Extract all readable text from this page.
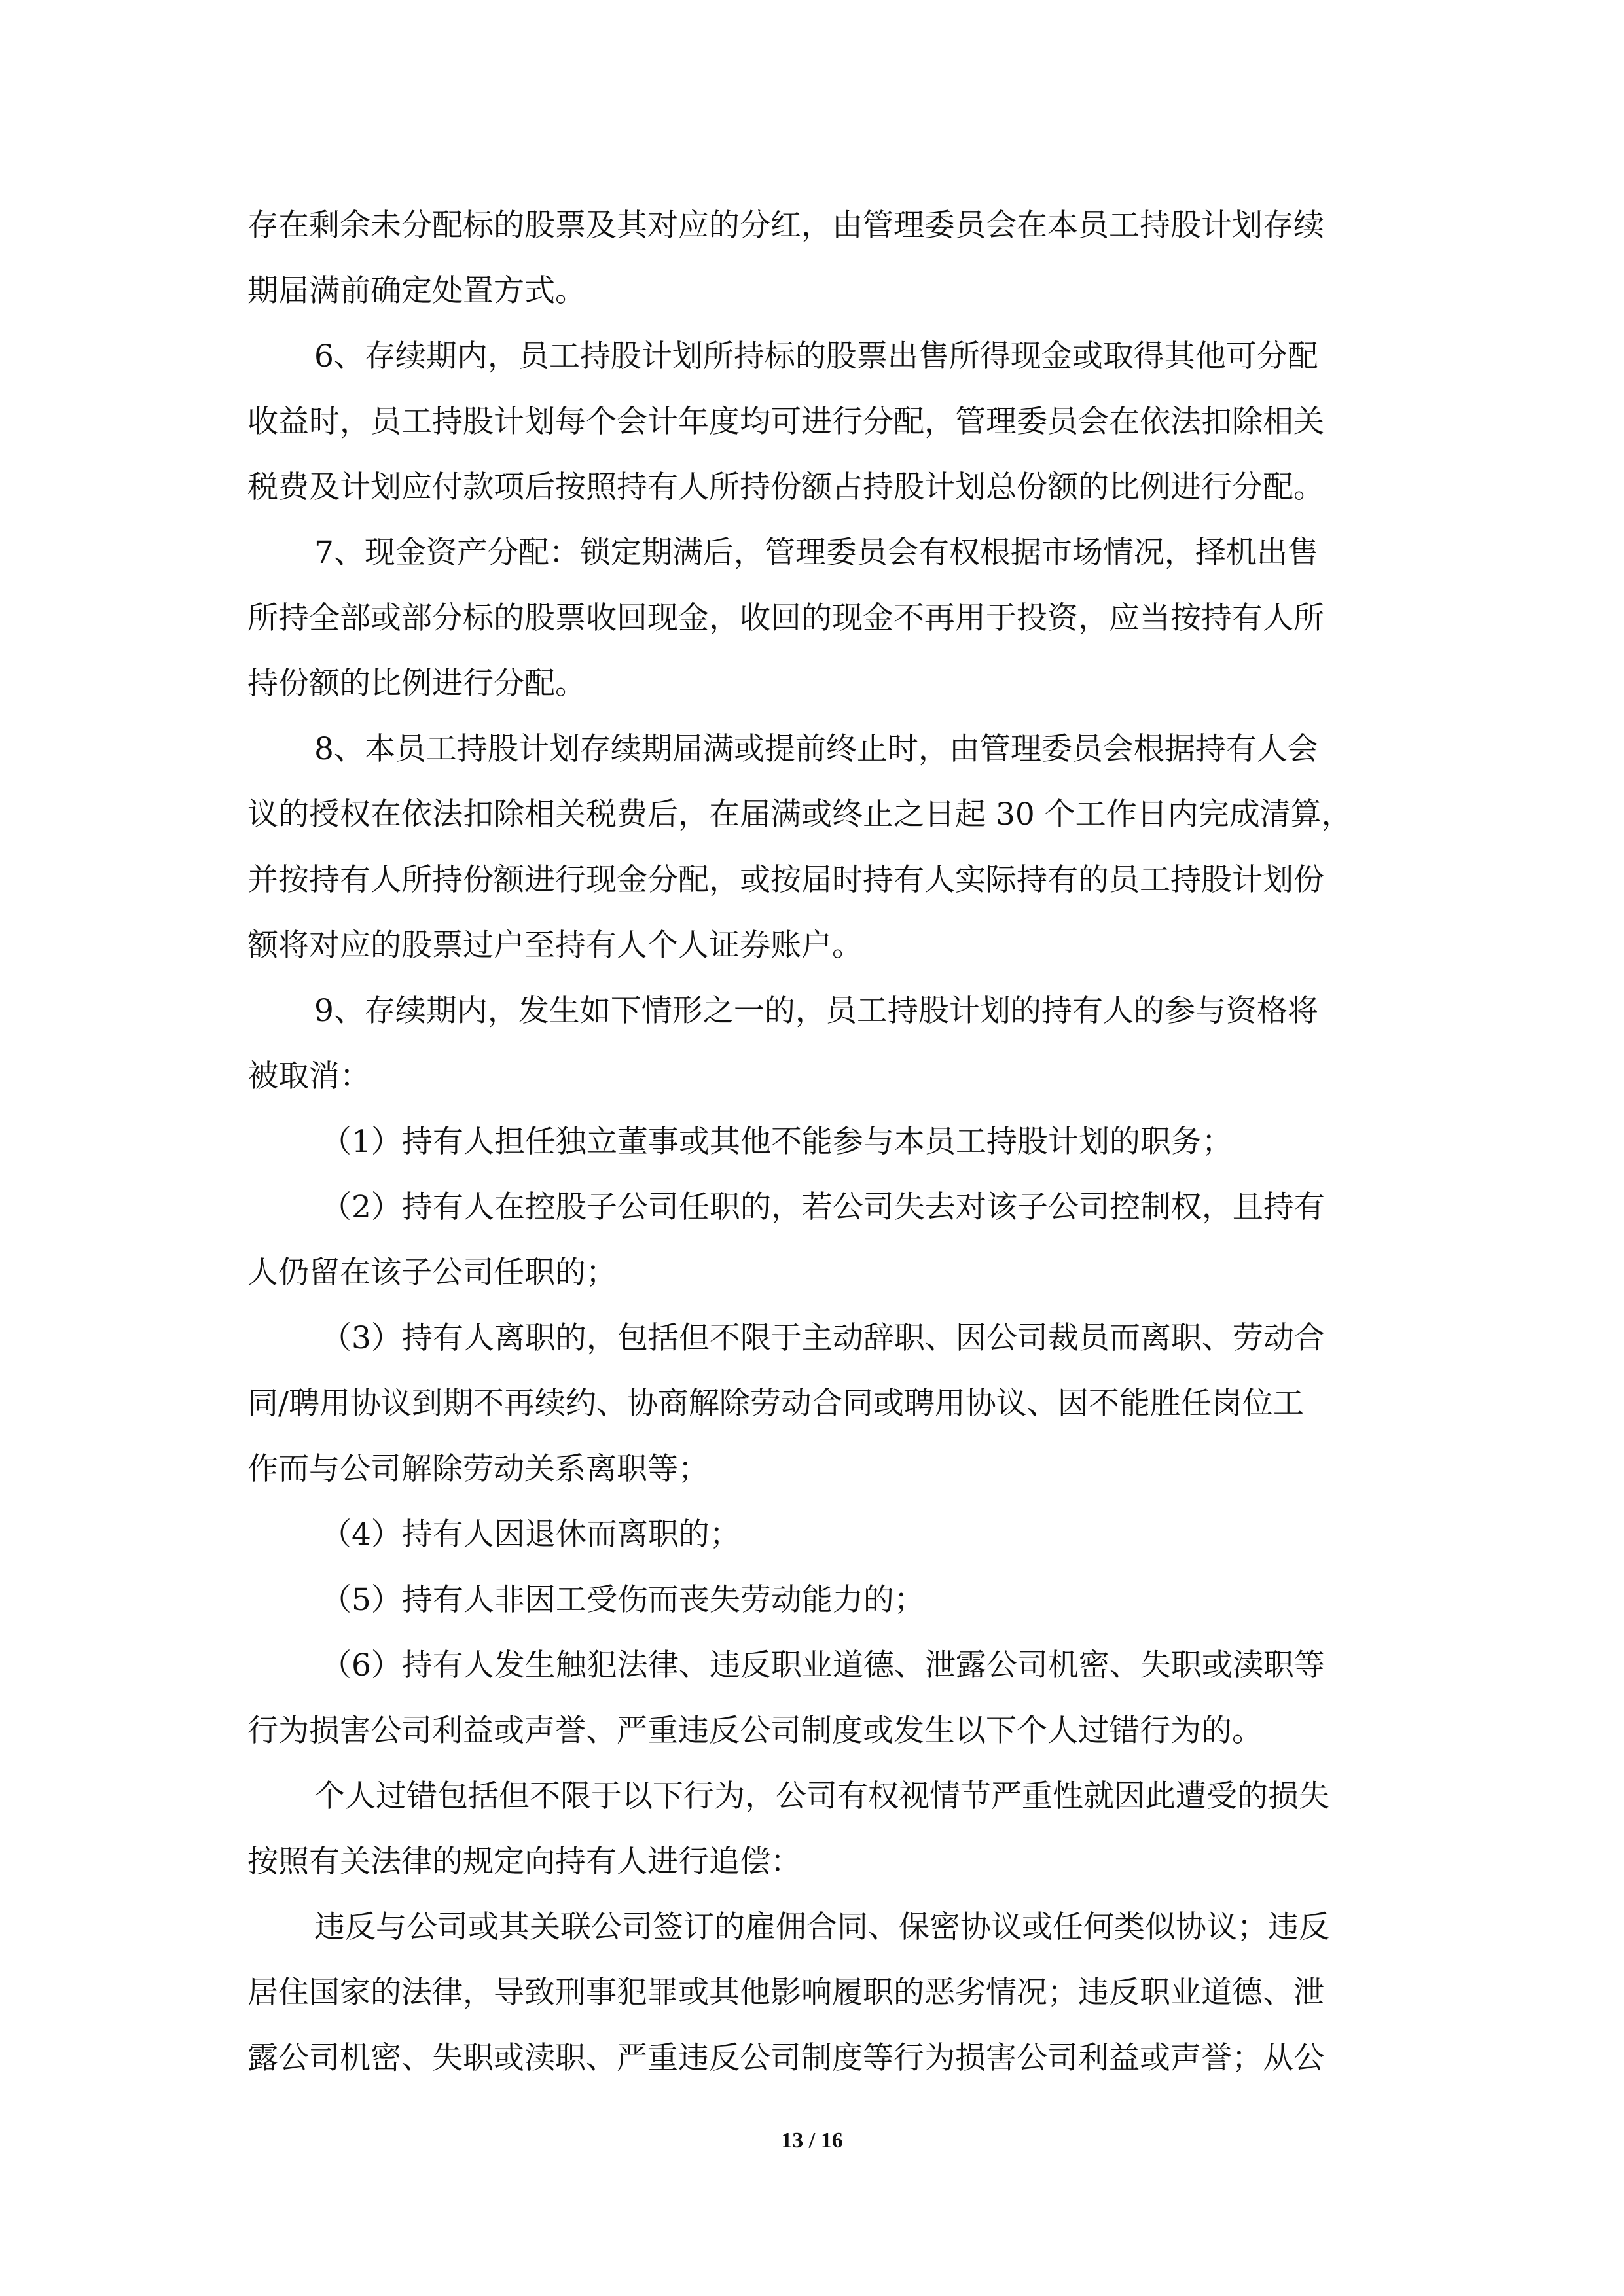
存在剩余未分配标的股票及其对应的分红，由管理委员会在本员工持股计划存续
期届满前确定处置方式。
6、存续期内，员工持股计划所持标的股票出售所得现金或取得其他可分配
收益时，员工持股计划每个会计年度均可进行分配，管理委员会在依法扣除相关
税费及计划应付款项后按照持有人所持份额占持股计划总份额的比例进行分配。
7、现金资产分配：锁定期满后，管理委员会有权根据市场情况，择机出售
所持全部或部分标的股票收回现金，收回的现金不再用于投资，应当按持有人所
持份额的比例进行分配。
8、本员工持股计划存续期届满或提前终止时，由管理委员会根据持有人会
议的授权在依法扣除相关税费后，在届满或终止之日起 30 个工作日内完成清算，
并按持有人所持份额进行现金分配，或按届时持有人实际持有的员工持股计划份
额将对应的股票过户至持有人个人证券账户。
9、存续期内，发生如下情形之一的，员工持股计划的持有人的参与资格将
被取消：
（1）持有人担任独立董事或其他不能参与本员工持股计划的职务；
（2）持有人在控股子公司任职的，若公司失去对该子公司控制权，且持有
人仍留在该子公司任职的；
（3）持有人离职的，包括但不限于主动辞职、因公司裁员而离职、劳动合
同/聘用协议到期不再续约、协商解除劳动合同或聘用协议、因不能胜任岗位工
作而与公司解除劳动关系离职等；
（4）持有人因退休而离职的；
（5）持有人非因工受伤而丧失劳动能力的；
（6）持有人发生触犯法律、违反职业道德、泄露公司机密、失职或渎职等
行为损害公司利益或声誉、严重违反公司制度或发生以下个人过错行为的。
个人过错包括但不限于以下行为，公司有权视情节严重性就因此遭受的损失
按照有关法律的规定向持有人进行追偿：
违反与公司或其关联公司签订的雇佣合同、保密协议或任何类似协议；违反
居住国家的法律，导致刑事犯罪或其他影响履职的恶劣情况；违反职业道德、泄
露公司机密、失职或渎职、严重违反公司制度等行为损害公司利益或声誉；从公
13 / 16
